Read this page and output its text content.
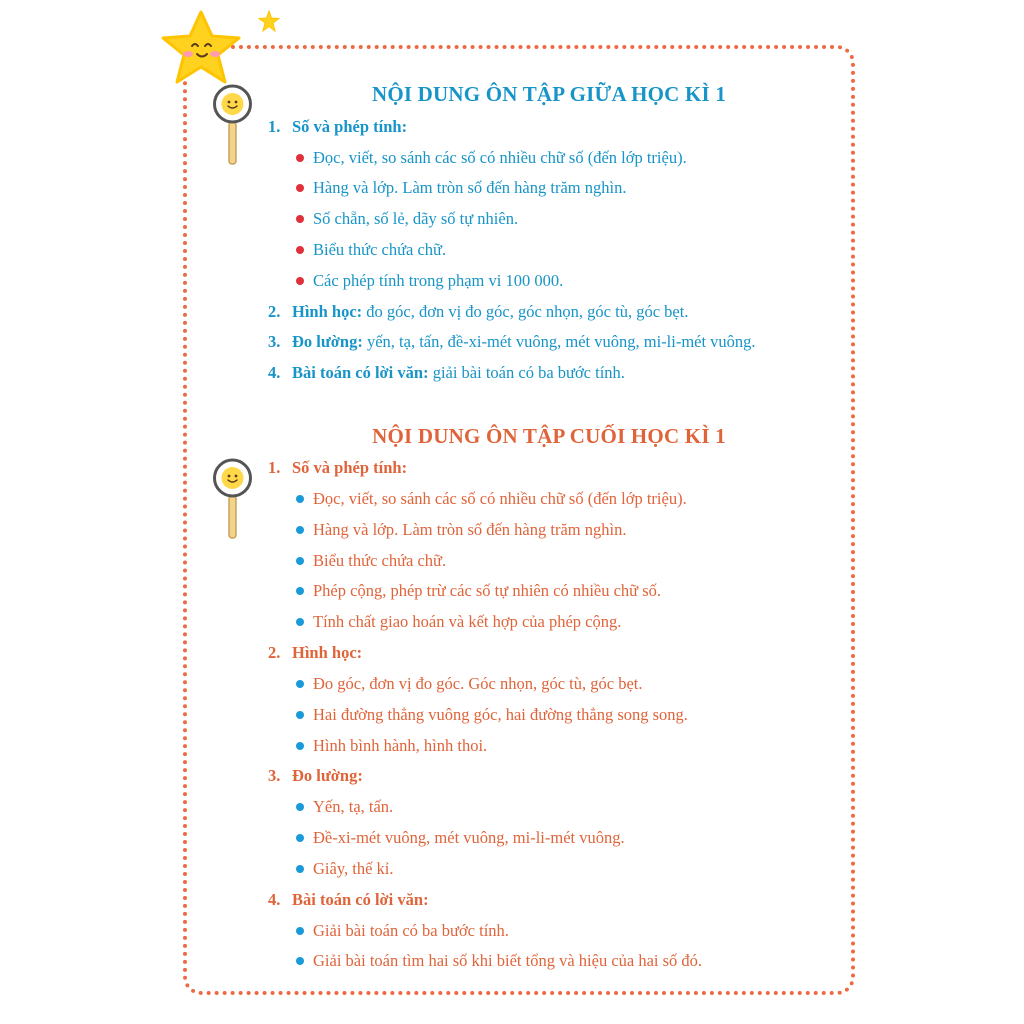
NỘI DUNG ÔN TẬP GIỮA HỌC KÌ 1
1. Số và phép tính:
Đọc, viết, so sánh các số có nhiều chữ số (đến lớp triệu).
Hàng và lớp. Làm tròn số đến hàng trăm nghìn.
Số chẵn, số lẻ, dãy số tự nhiên.
Biểu thức chứa chữ.
Các phép tính trong phạm vi 100 000.
2. Hình học: đo góc, đơn vị đo góc, góc nhọn, góc tù, góc bẹt.
3. Đo lường: yến, tạ, tấn, đề-xi-mét vuông, mét vuông, mi-li-mét vuông.
4. Bài toán có lời văn: giải bài toán có ba bước tính.
NỘI DUNG ÔN TẬP CUỐI HỌC KÌ 1
1. Số và phép tính:
Đọc, viết, so sánh các số có nhiều chữ số (đến lớp triệu).
Hàng và lớp. Làm tròn số đến hàng trăm nghìn.
Biểu thức chứa chữ.
Phép cộng, phép trừ các số tự nhiên có nhiều chữ số.
Tính chất giao hoán và kết hợp của phép cộng.
2. Hình học:
Đo góc, đơn vị đo góc. Góc nhọn, góc tù, góc bẹt.
Hai đường thẳng vuông góc, hai đường thẳng song song.
Hình bình hành, hình thoi.
3. Đo lường:
Yến, tạ, tấn.
Đề-xi-mét vuông, mét vuông, mi-li-mét vuông.
Giây, thế kỉ.
4. Bài toán có lời văn:
Giải bài toán có ba bước tính.
Giải bài toán tìm hai số khi biết tổng và hiệu của hai số đó.
